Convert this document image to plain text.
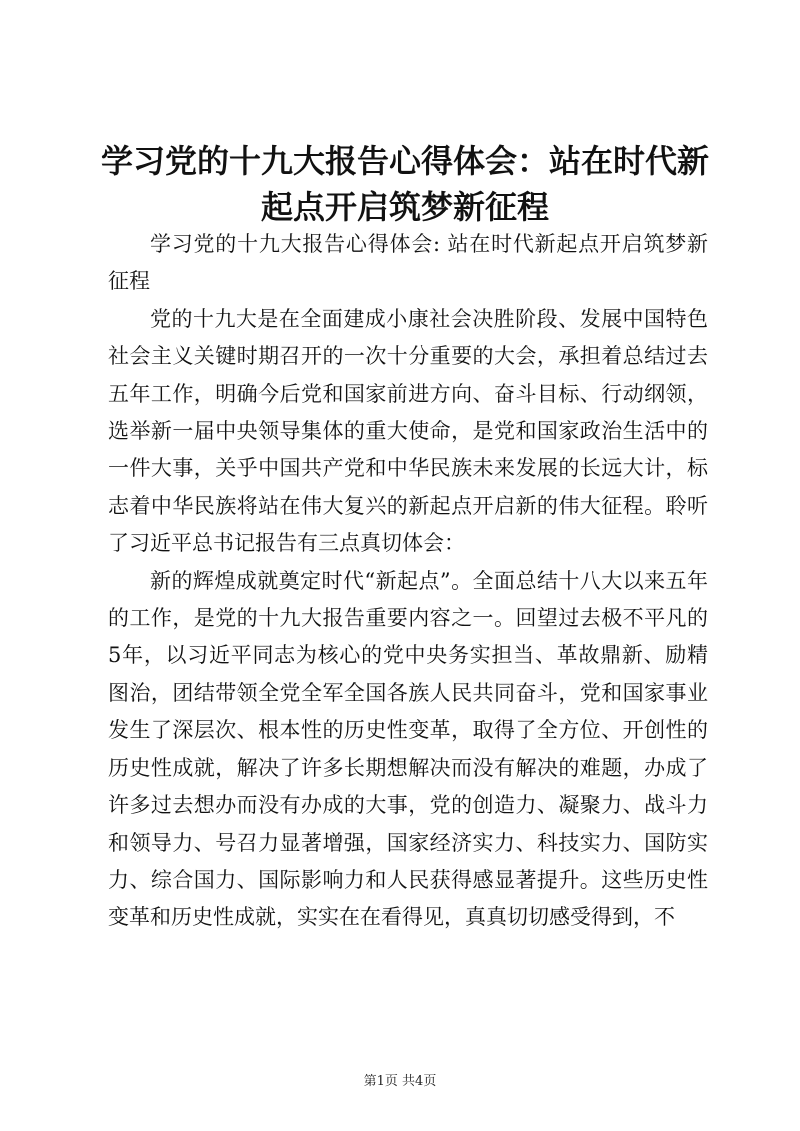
学习党的十九大报告心得体会：站在时代新起点开启筑梦新征程

学习党的十九大报告心得体会: 站在时代新起点开启筑梦新征程

党的十九大是在全面建成小康社会决胜阶段、发展中国特色社会主义关键时期召开的一次十分重要的大会，承担着总结过去五年工作，明确今后党和国家前进方向、奋斗目标、行动纲领，选举新一届中央领导集体的重大使命，是党和国家政治生活中的一件大事，关乎中国共产党和中华民族未来发展的长远大计，标志着中华民族将站在伟大复兴的新起点开启新的伟大征程。聆听了习近平总书记报告有三点真切体会：

新的辉煌成就奠定时代“新起点”。全面总结十八大以来五年的工作，是党的十九大报告重要内容之一。回望过去极不平凡的5年，以习近平同志为核心的党中央务实担当、革故鼎新、励精图治，团结带领全党全军全国各族人民共同奋斗，党和国家事业发生了深层次、根本性的历史性变革，取得了全方位、开创性的历史性成就，解决了许多长期想解决而没有解决的难题，办成了许多过去想办而没有办成的大事，党的创造力、凝聚力、战斗力和领导力、号召力显著增强，国家经济实力、科技实力、国防实力、综合国力、国际影响力和人民获得感显著提升。这些历史性变革和历史性成就，实实在在看得见，真真切切感受得到，不

第1页 共4页
